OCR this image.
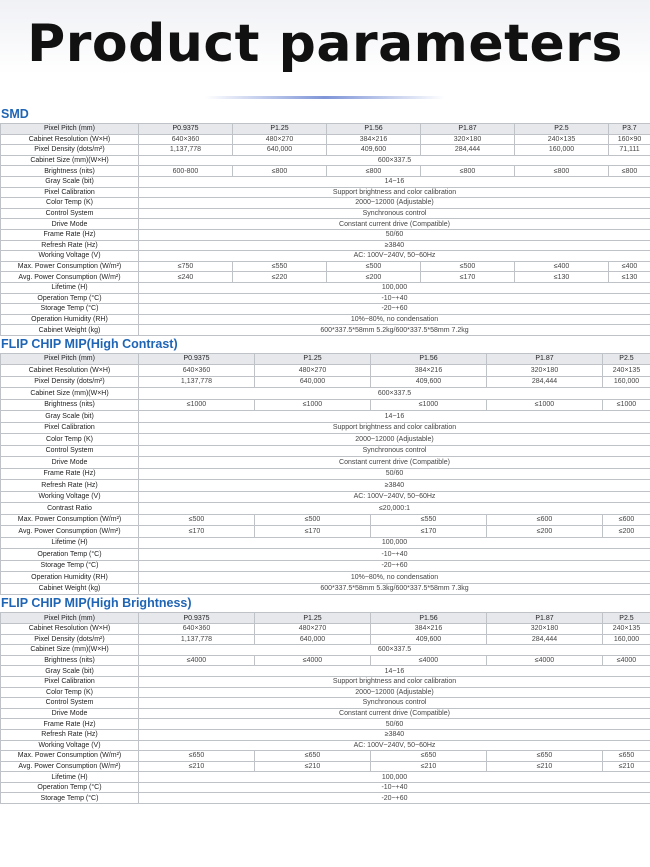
Product parameters
SMD
Pixel Pitch (mm)	P0.9375	P1.25	P1.56	P1.87	P2.5	P3.7
Cabinet Resolution (W×H)	640×360	480×270	384×216	320×180	240×135	160×90
Pixel Density (dots/m²)	1,137,778	640,000	409,600	284,444	160,000	71,111
Cabinet Size (mm)(W×H)	600×337.5					
Brightness (nits)	600-800	≤800	≤800	≤800	≤800	≤800
Gray Scale (bit)	14~16					
Pixel Calibration	Support brightness and color calibration					
Color Temp (K)	2000~12000 (Adjustable)					
Control System	Synchronous control					
Drive Mode	Constant current drive (Compatible)					
Frame Rate (Hz)	50/60					
Refresh Rate (Hz)	≥3840					
Working Voltage (V)	AC: 100V~240V, 50~60Hz					
Max. Power Consumption (W/m²)	≤750	≤550	≤500	≤500	≤400	≤400
Avg. Power Consumption (W/m²)	≤240	≤220	≤200	≤170	≤130	≤130
Lifetime (H)	100,000					
Operation Temp (°C)	-10~+40					
Storage Temp (°C)	-20~+60					
Operation Humidity (RH)	10%~80%, no condensation					
Cabinet Weight (kg)	600*337.5*58mm 5.2kg/600*337.5*58mm 7.2kg					
FLIP CHIP MIP(High Contrast)
Pixel Pitch (mm)	P0.9375	P1.25	P1.56	P1.87	P2.5
Cabinet Resolution (W×H)	640×360	480×270	384×216	320×180	240×135
Pixel Density (dots/m²)	1,137,778	640,000	409,600	284,444	160,000
Cabinet Size (mm)(W×H)	600×337.5				
Brightness (nits)	≤1000	≤1000	≤1000	≤1000	≤1000
Gray Scale (bit)	14~16				
Pixel Calibration	Support brightness and color calibration				
Color Temp (K)	2000~12000 (Adjustable)				
Control System	Synchronous control				
Drive Mode	Constant current drive (Compatible)				
Frame Rate (Hz)	50/60				
Refresh Rate (Hz)	≥3840				
Working Voltage (V)	AC: 100V~240V, 50~60Hz				
Contrast Ratio	≤20,000:1				
Max. Power Consumption (W/m²)	≤500	≤500	≤550	≤600	≤600
Avg. Power Consumption (W/m²)	≤170	≤170	≤170	≤200	≤200
Lifetime (H)	100,000				
Operation Temp (°C)	-10~+40				
Storage Temp (°C)	-20~+60				
Operation Humidity (RH)	10%~80%, no condensation				
Cabinet Weight (kg)	600*337.5*58mm 5.3kg/600*337.5*58mm 7.3kg				
FLIP CHIP MIP(High Brightness)
Pixel Pitch (mm)	P0.9375	P1.25	P1.56	P1.87	P2.5
Cabinet Resolution (W×H)	640×360	480×270	384×216	320×180	240×135
Pixel Density (dots/m²)	1,137,778	640,000	409,600	284,444	160,000
Cabinet Size (mm)(W×H)	600×337.5				
Brightness (nits)	≤4000	≤4000	≤4000	≤4000	≤4000
Gray Scale (bit)	14~16				
Pixel Calibration	Support brightness and color calibration				
Color Temp (K)	2000~12000 (Adjustable)				
Control System	Synchronous control				
Drive Mode	Constant current drive (Compatible)				
Frame Rate (Hz)	50/60				
Refresh Rate (Hz)	≥3840				
Working Voltage (V)	AC: 100V~240V, 50~60Hz				
Max. Power Consumption (W/m²)	≤650	≤650	≤650	≤650	≤650
Avg. Power Consumption (W/m²)	≤210	≤210	≤210	≤210	≤210
Lifetime (H)	100,000				
Operation Temp (°C)	-10~+40				
Storage Temp (°C)	-20~+60				
